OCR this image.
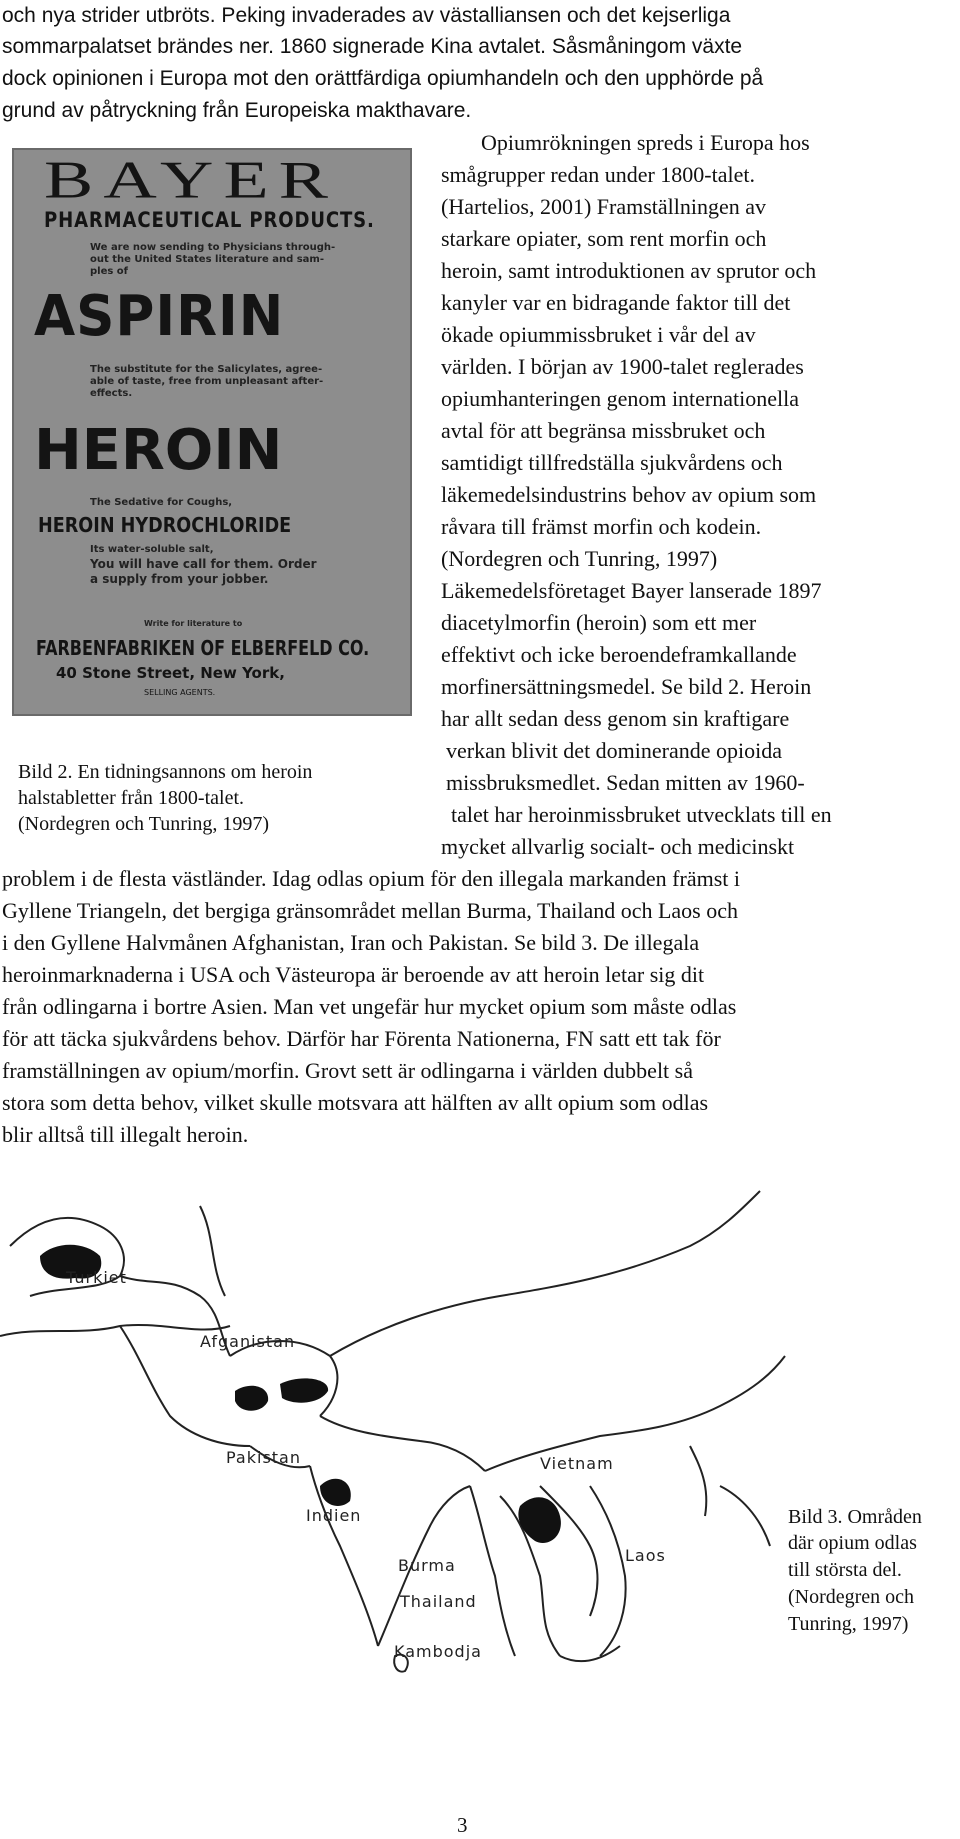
och nya strider utbröts. Peking invaderades av västalliansen och det kejserliga
sommarpalatset brändes ner. 1860 signerade Kina avtalet. Såsmåningom växte
dock opinionen i Europa mot den orättfärdiga opiumhandeln och den upphörde på
grund av påtryckning från Europeiska makthavare.
BAYER
PHARMACEUTICAL PRODUCTS.
We are now sending to Physicians through-
out the United States literature and sam-
ples of
ASPIRIN
The substitute for the Salicylates, agree-
able of taste, free from unpleasant after-
effects.
HEROIN
The Sedative for Coughs,
HEROIN HYDROCHLORIDE
Its water-soluble salt,
You will have call for them. Order
a supply from your jobber.
Write for literature to
FARBENFABRIKEN OF ELBERFELD CO.
40 Stone Street, New York,
SELLING AGENTS.
Opiumrökningen spreds i Europa hos
smågrupper redan under 1800-talet.
(Hartelios, 2001) Framställningen av
starkare opiater, som rent morfin och
heroin, samt introduktionen av sprutor och
kanyler var en bidragande faktor till det
ökade opiummissbruket i vår del av
världen. I början av 1900-talet reglerades
opiumhanteringen genom internationella
avtal för att begränsa missbruket och
samtidigt tillfredställa sjukvårdens och
läkemedelsindustrins behov av opium som
råvara till främst morfin och kodein.
(Nordegren och Tunring, 1997)
Läkemedelsföretaget Bayer lanserade 1897
diacetylmorfin (heroin) som ett mer
effektivt och icke beroendeframkallande
morfinersättningsmedel. Se bild 2. Heroin
har allt sedan dess genom sin kraftigare
verkan blivit det dominerande opioida
missbruksmedlet. Sedan mitten av 1960-
talet har heroinmissbruket utvecklats till en
mycket allvarlig socialt- och medicinskt
Bild 2. En tidningsannons om heroin
halstabletter från 1800-talet.
(Nordegren och Tunring, 1997)
problem i de flesta västländer. Idag odlas opium för den illegala markanden främst i
Gyllene Triangeln, det bergiga gränsområdet mellan Burma, Thailand och Laos och
i den Gyllene Halvmånen Afghanistan, Iran och Pakistan. Se bild 3. De illegala
heroinmarknaderna i USA och Västeuropa är beroende av att heroin letar sig dit
från odlingarna i bortre Asien. Man vet ungefär hur mycket opium som måste odlas
för att täcka sjukvårdens behov. Därför har Förenta Nationerna, FN satt ett tak för
framställningen av opium/morfin. Grovt sett är odlingarna i världen dubbelt så
stora som detta behov, vilket skulle motsvara att hälften av allt opium som odlas
blir alltså till illegalt heroin.
Turkiet
Afganistan
Pakistan
Indien
Vietnam
Laos
Burma
Thailand
Kambodja
Bild 3. Områden
där opium odlas
till största del.
(Nordegren och
Tunring, 1997)
3
